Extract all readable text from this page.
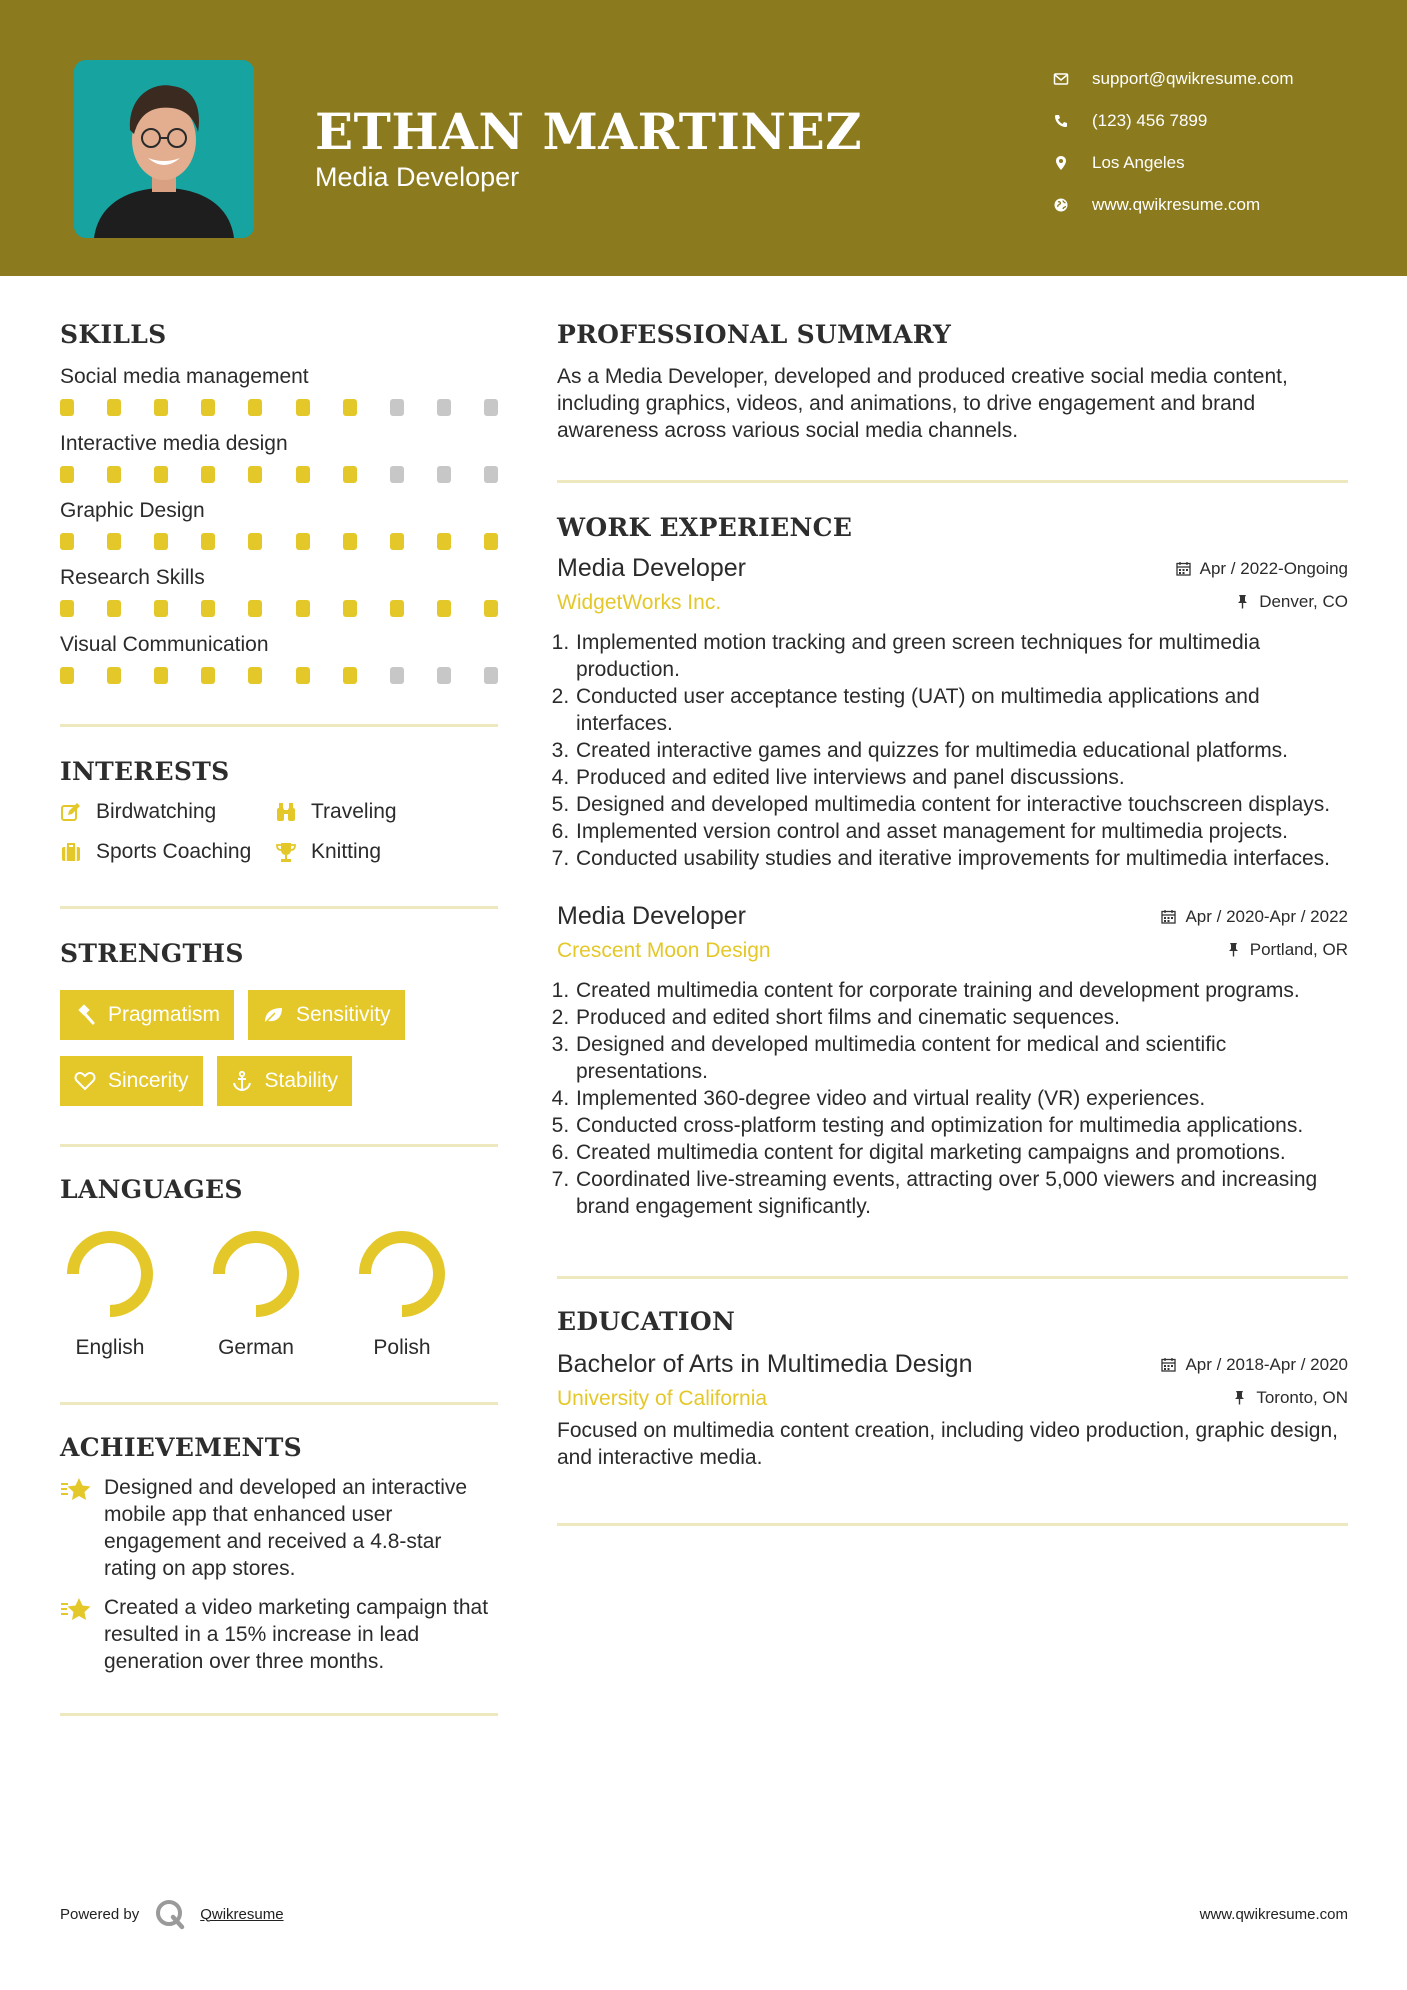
ETHAN MARTINEZ
Media Developer
support@qwikresume.com
(123) 456 7899
Los Angeles
www.qwikresume.com
SKILLS
Social media management
Interactive media design
Graphic Design
Research Skills
Visual Communication
INTERESTS
Birdwatching	Traveling
Sports Coaching	Knitting
STRENGTHS
Pragmatism	Sensitivity
Sincerity	Stability
LANGUAGES
English	German	Polish
ACHIEVEMENTS
Designed and developed an interactive mobile app that enhanced user engagement and received a 4.8-star rating on app stores.
Created a video marketing campaign that resulted in a 15% increase in lead generation over three months.
PROFESSIONAL SUMMARY

As a Media Developer, developed and produced creative social media content, including graphics, videos, and animations, to drive engagement and brand awareness across various social media channels.

WORK EXPERIENCE
Media Developer	Apr / 2022-Ongoing
WidgetWorks Inc.	Denver, CO
1. Implemented motion tracking and green screen techniques for multimedia production.
2. Conducted user acceptance testing (UAT) on multimedia applications and interfaces.
3. Created interactive games and quizzes for multimedia educational platforms.
4. Produced and edited live interviews and panel discussions.
5. Designed and developed multimedia content for interactive touchscreen displays.
6. Implemented version control and asset management for multimedia projects.
7. Conducted usability studies and iterative improvements for multimedia interfaces.
Media Developer	Apr / 2020-Apr / 2022
Crescent Moon Design	Portland, OR
1. Created multimedia content for corporate training and development programs.
2. Produced and edited short films and cinematic sequences.
3. Designed and developed multimedia content for medical and scientific presentations.
4. Implemented 360-degree video and virtual reality (VR) experiences.
5. Conducted cross-platform testing and optimization for multimedia applications.
6. Created multimedia content for digital marketing campaigns and promotions.
7. Coordinated live-streaming events, attracting over 5,000 viewers and increasing brand engagement significantly.
EDUCATION
Bachelor of Arts in Multimedia Design	Apr / 2018-Apr / 2020
University of California	Toronto, ON

Focused on multimedia content creation, including video production, graphic design, and interactive media.

Powered by	Qwikresume	www.qwikresume.com
